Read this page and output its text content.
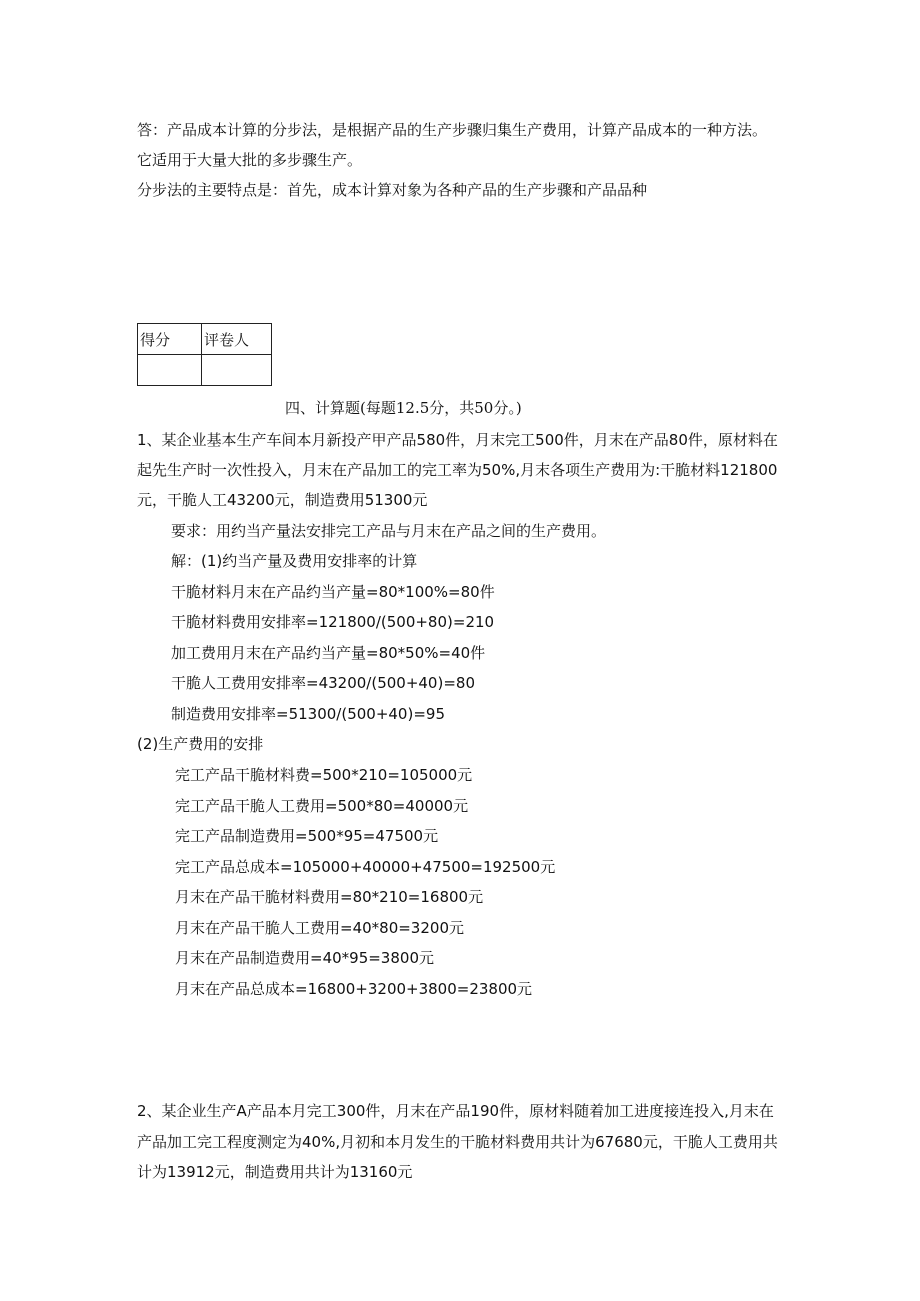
答：产品成本计算的分步法，是根据产品的生产步骤归集生产费用，计算产品成本的一种方法。
它适用于大量大批的多步骤生产。
分步法的主要特点是：首先，成本计算对象为各种产品的生产步骤和产品品种
得分	评卷人

四、计算题(每题12.5分，共50分。)
1、某企业基本生产车间本月新投产甲产品580件，月末完工500件，月末在产品80件，原材料在
起先生产时一次性投入，月末在产品加工的完工率为50%,月末各项生产费用为:干脆材料121800
元，干脆人工43200元，制造费用51300元
要求：用约当产量法安排完工产品与月末在产品之间的生产费用。
解：(1)约当产量及费用安排率的计算
干脆材料月末在产品约当产量=80*100%=80件
干脆材料费用安排率=121800/(500+80)=210
加工费用月末在产品约当产量=80*50%=40件
干脆人工费用安排率=43200/(500+40)=80
制造费用安排率=51300/(500+40)=95
(2)生产费用的安排
完工产品干脆材料费=500*210=105000元
完工产品干脆人工费用=500*80=40000元
完工产品制造费用=500*95=47500元
完工产品总成本=105000+40000+47500=192500元
月末在产品干脆材料费用=80*210=16800元
月末在产品干脆人工费用=40*80=3200元
月末在产品制造费用=40*95=3800元
月末在产品总成本=16800+3200+3800=23800元
2、某企业生产A产品本月完工300件，月末在产品190件，原材料随着加工进度接连投入,月末在
产品加工完工程度测定为40%,月初和本月发生的干脆材料费用共计为67680元，干脆人工费用共
计为13912元，制造费用共计为13160元
